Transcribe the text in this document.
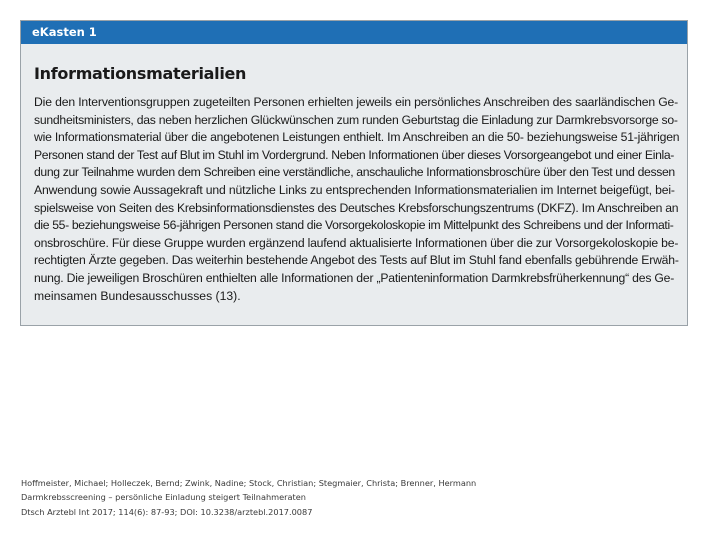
eKasten 1
Informationsmaterialien
Die den Interventionsgruppen zugeteilten Personen erhielten jeweils ein persönliches Anschreiben des saarländischen Ge-
sundheitsministers, das neben herzlichen Glückwünschen zum runden Geburtstag die Einladung zur Darmkrebsvorsorge so-
wie Informationsmaterial über die angebotenen Leistungen enthielt. Im Anschreiben an die 50- beziehungsweise 51-jährigen
Personen stand der Test auf Blut im Stuhl im Vordergrund. Neben Informationen über dieses Vorsorgeangebot und einer Einla-
dung zur Teilnahme wurden dem Schreiben eine verständliche, anschauliche Informationsbroschüre über den Test und dessen
Anwendung sowie Aussagekraft und nützliche Links zu entsprechenden Informationsmaterialien im Internet beigefügt, bei-
spielsweise von Seiten des Krebsinformationsdienstes des Deutsches Krebsforschungszentrums (DKFZ). Im Anschreiben an
die 55- beziehungsweise 56-jährigen Personen stand die Vorsorgekoloskopie im Mittelpunkt des Schreibens und der Informati-
onsbroschüre. Für diese Gruppe wurden ergänzend laufend aktualisierte Informationen über die zur Vorsorgekoloskopie be-
rechtigten Ärzte gegeben. Das weiterhin bestehende Angebot des Tests auf Blut im Stuhl fand ebenfalls gebührende Erwäh-
nung. Die jeweiligen Broschüren enthielten alle Informationen der „Patienteninformation Darmkrebsfrüherkennung“ des Ge-
meinsamen Bundesausschusses (13).
Hoffmeister, Michael; Holleczek, Bernd; Zwink, Nadine; Stock, Christian; Stegmaier, Christa; Brenner, Hermann
Darmkrebsscreening – persönliche Einladung steigert Teilnahmeraten
Dtsch Arztebl Int 2017; 114(6): 87-93; DOI: 10.3238/arztebl.2017.0087
